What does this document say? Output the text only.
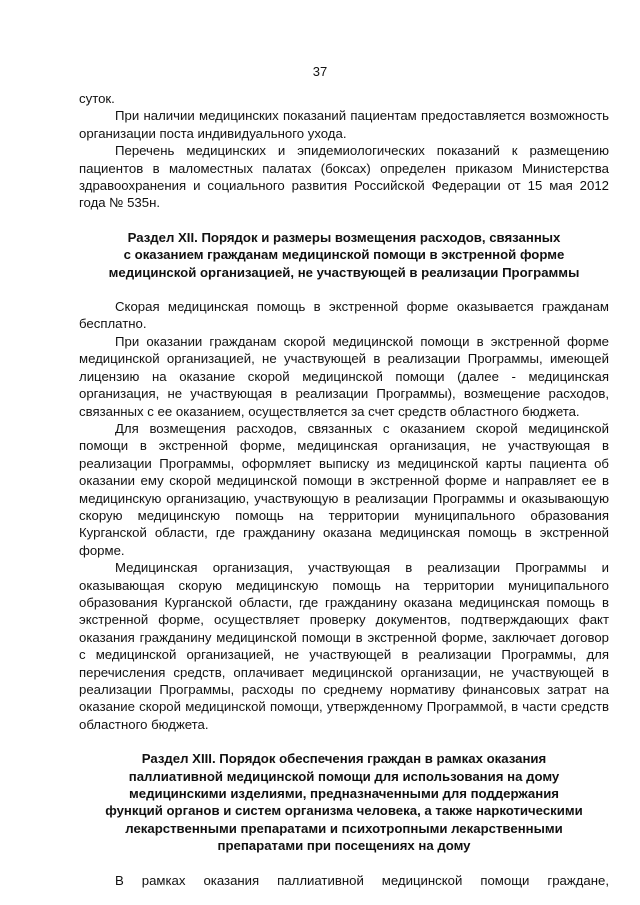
37

суток.

При наличии медицинских показаний пациентам предоставляется возможность организации поста индивидуального ухода.

Перечень медицинских и эпидемиологических показаний к размещению пациентов в маломестных палатах (боксах) определен приказом Министерства здравоохранения и социального развития Российской Федерации от 15 мая 2012 года № 535н.

Раздел XII. Порядок и размеры возмещения расходов, связанных
с оказанием гражданам медицинской помощи в экстренной форме
медицинской организацией, не участвующей в реализации Программы

Скорая медицинская помощь в экстренной форме оказывается гражданам бесплатно.

При оказании гражданам скорой медицинской помощи в экстренной форме медицинской организацией, не участвующей в реализации Программы, имеющей лицензию на оказание скорой медицинской помощи (далее - медицинская организация, не участвующая в реализации Программы), возмещение расходов, связанных с ее оказанием, осуществляется за счет средств областного бюджета.

Для возмещения расходов, связанных с оказанием скорой медицинской помощи в экстренной форме, медицинская организация, не участвующая в реализации Программы, оформляет выписку из медицинской карты пациента об оказании ему скорой медицинской помощи в экстренной форме и направляет ее в медицинскую организацию, участвующую в реализации Программы и оказывающую скорую медицинскую помощь на территории муниципального образования Курганской области, где гражданину оказана медицинская помощь в экстренной форме.

Медицинская организация, участвующая в реализации Программы и оказывающая скорую медицинскую помощь на территории муниципального образования Курганской области, где гражданину оказана медицинская помощь в экстренной форме, осуществляет проверку документов, подтверждающих факт оказания гражданину медицинской помощи в экстренной форме, заключает договор с медицинской организацией, не участвующей в реализации Программы, для перечисления средств, оплачивает медицинской организации, не участвующей в реализации Программы, расходы по среднему нормативу финансовых затрат на оказание скорой медицинской помощи, утвержденному Программой, в части средств областного бюджета.

Раздел XIII. Порядок обеспечения граждан в рамках оказания
паллиативной медицинской помощи для использования на дому
медицинскими изделиями, предназначенными для поддержания
функций органов и систем организма человека, а также наркотическими
лекарственными препаратами и психотропными лекарственными
препаратами при посещениях на дому

В рамках оказания паллиативной медицинской помощи граждане,
